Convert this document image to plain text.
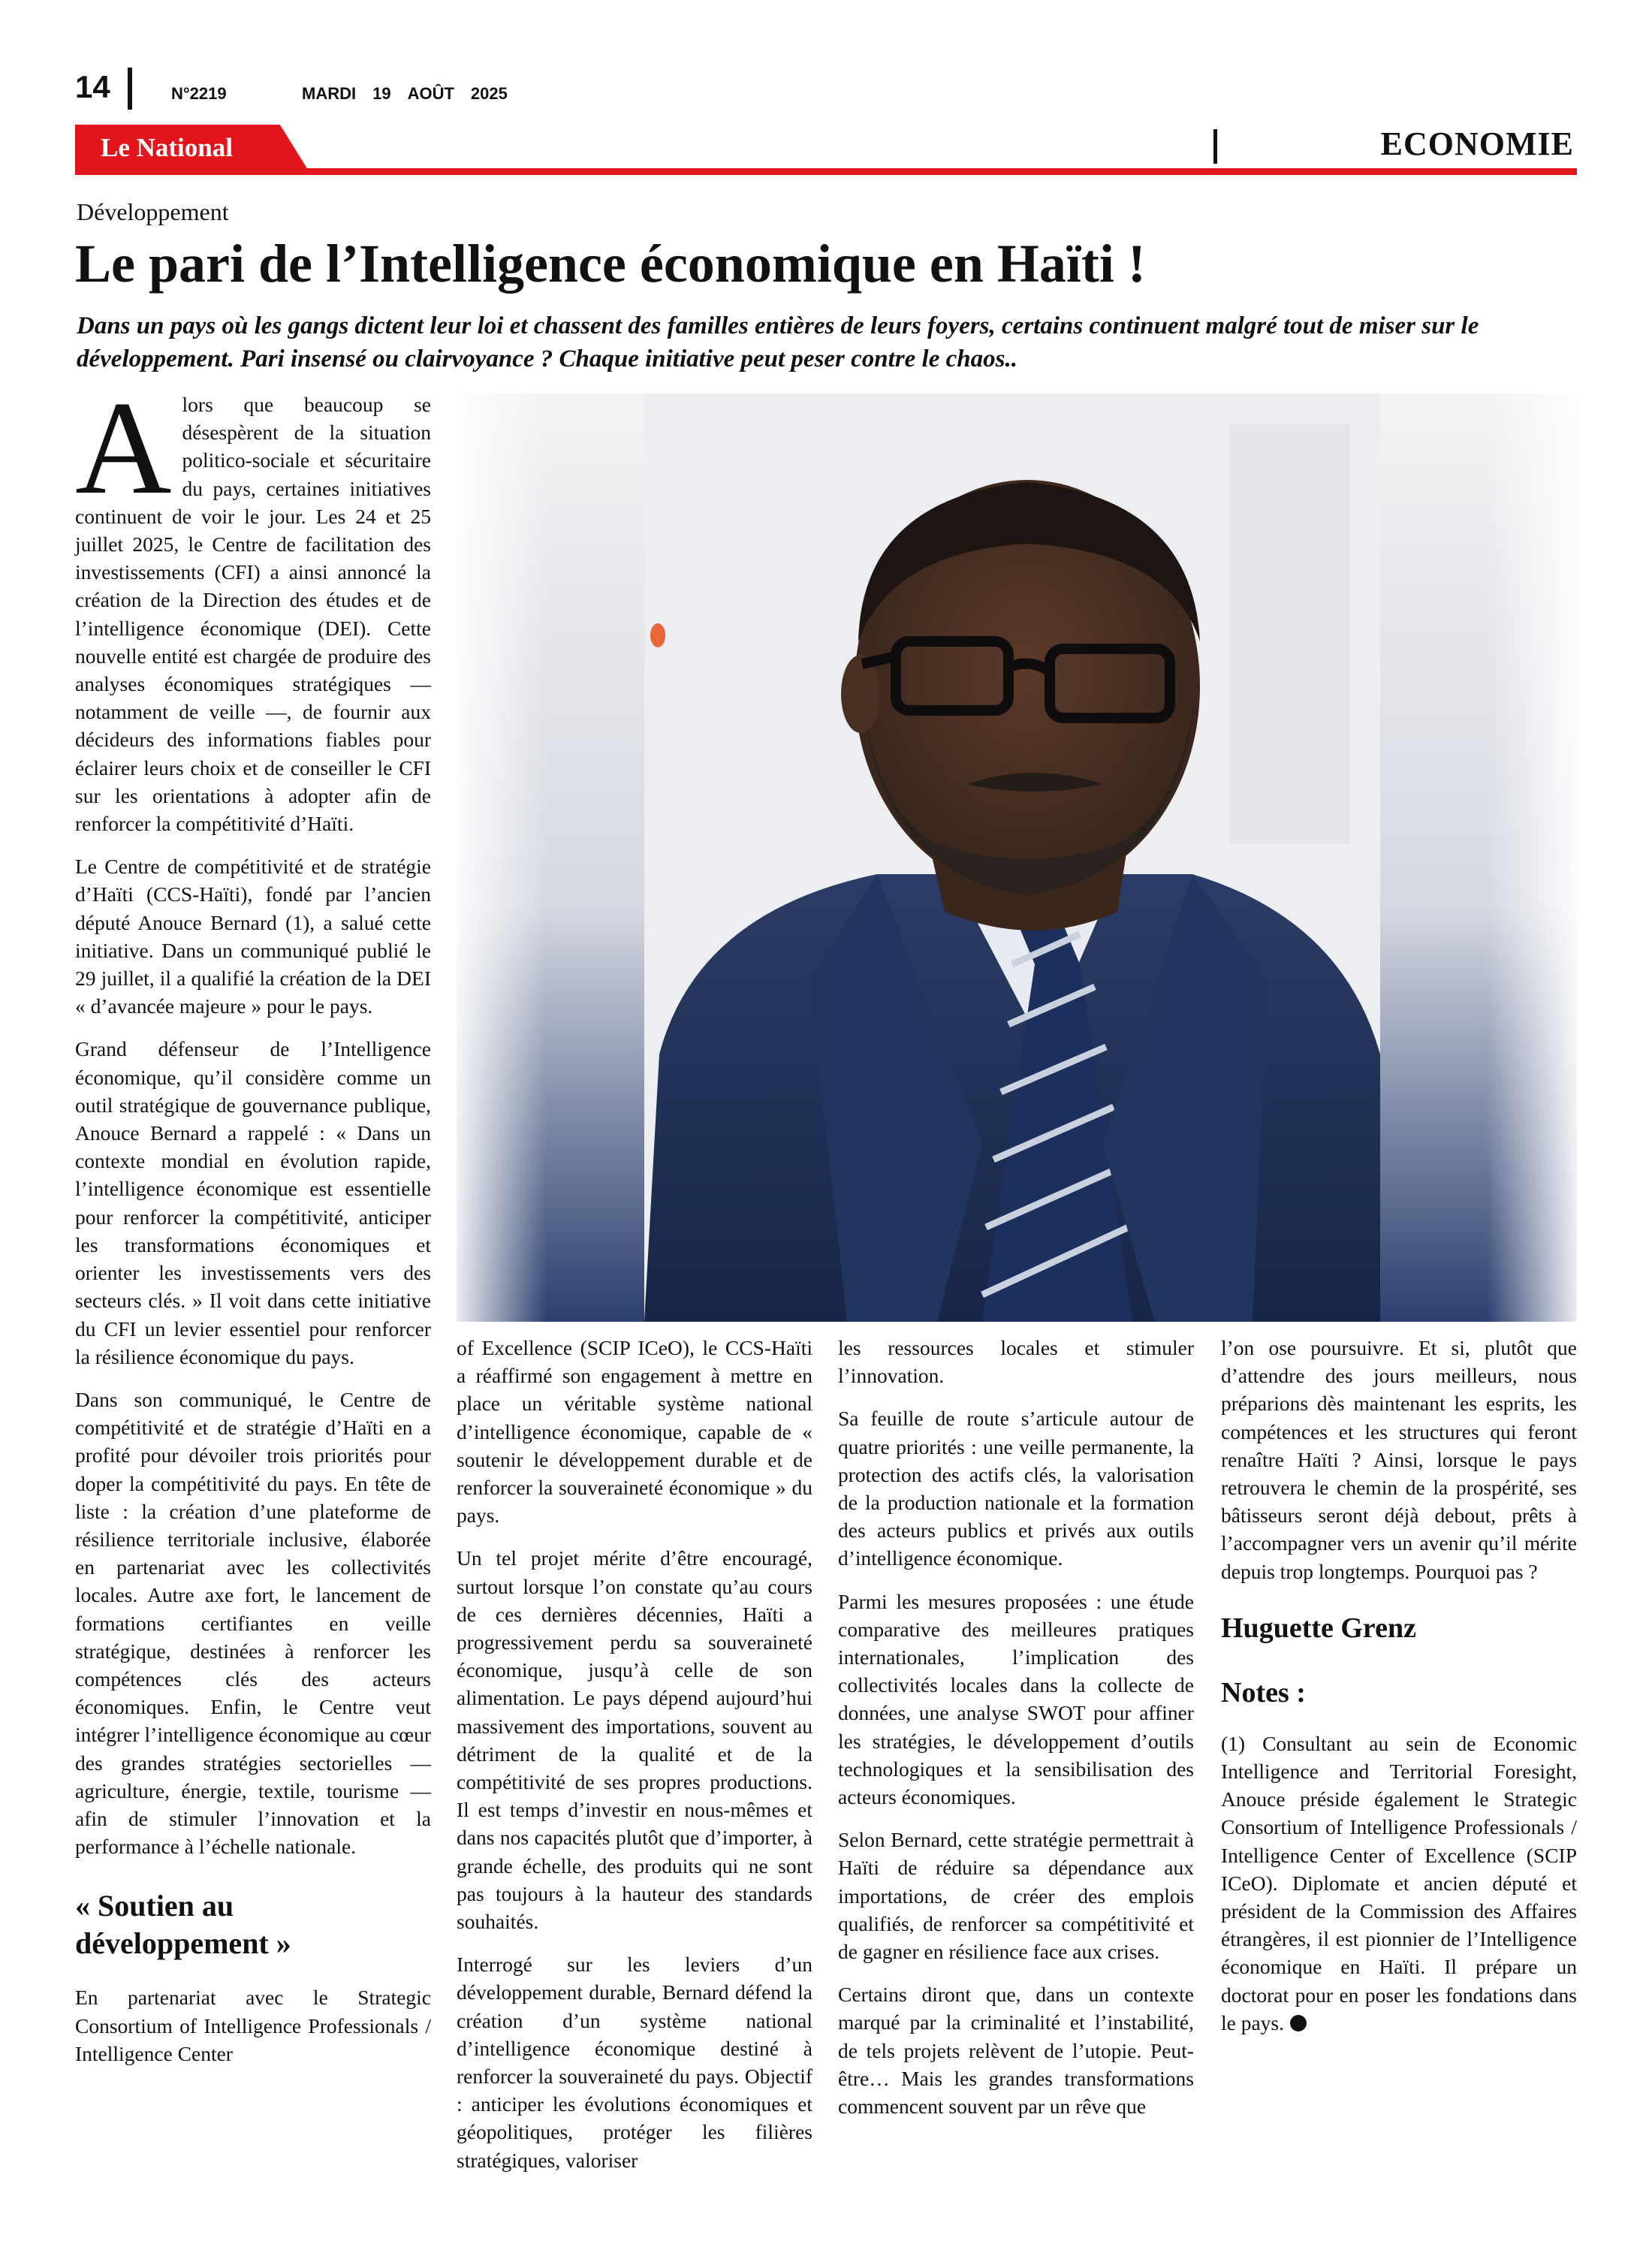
14	N°2219	MARDI 19 AOÛT 2025
Le National	ECONOMIE
Développement
Le pari de l’Intelligence économique en Haïti !

Dans un pays où les gangs dictent leur loi et chassent des familles entières de leurs foyers, certains continuent malgré tout de miser sur le développement. Pari insensé ou clairvoyance ? Chaque initiative peut peser contre le chaos..

Alors que beaucoup se désespèrent de la situation politico-sociale et sécuritaire du pays, certaines initiatives continuent de voir le jour. Les 24 et 25 juillet 2025, le Centre de facilitation des investissements (CFI) a ainsi annoncé la création de la Direction des études et de l’intelligence économique (DEI). Cette nouvelle entité est chargée de produire des analyses économiques stratégiques — notamment de veille —, de fournir aux décideurs des informations fiables pour éclairer leurs choix et de conseiller le CFI sur les orientations à adopter afin de renforcer la compétitivité d’Haïti.

Le Centre de compétitivité et de stratégie d’Haïti (CCS-Haïti), fondé par l’ancien député Anouce Bernard (1), a salué cette initiative. Dans un communiqué publié le 29 juillet, il a qualifié la création de la DEI « d’avancée majeure » pour le pays.

Grand défenseur de l’Intelligence économique, qu’il considère comme un outil stratégique de gouvernance publique, Anouce Bernard a rappelé : « Dans un contexte mondial en évolution rapide, l’intelligence économique est essentielle pour renforcer la compétitivité, anticiper les transformations économiques et orienter les investissements vers des secteurs clés. » Il voit dans cette initiative du CFI un levier essentiel pour renforcer la résilience économique du pays.

Dans son communiqué, le Centre de compétitivité et de stratégie d’Haïti en a profité pour dévoiler trois priorités pour doper la compétitivité du pays. En tête de liste : la création d’une plateforme de résilience territoriale inclusive, élaborée en partenariat avec les collectivités locales. Autre axe fort, le lancement de formations certifiantes en veille stratégique, destinées à renforcer les compétences clés des acteurs économiques. Enfin, le Centre veut intégrer l’intelligence économique au cœur des grandes stratégies sectorielles — agriculture, énergie, textile, tourisme — afin de stimuler l’innovation et la performance à l’échelle nationale.

« Soutien au développement »

En partenariat avec le Strategic Consortium of Intelligence Professionals / Intelligence Center

of Excellence (SCIP ICeO), le CCS-Haïti a réaffirmé son engagement à mettre en place un véritable système national d’intelligence économique, capable de « soutenir le développement durable et de renforcer la souveraineté économique » du pays.

Un tel projet mérite d’être encouragé, surtout lorsque l’on constate qu’au cours de ces dernières décennies, Haïti a progressivement perdu sa souveraineté économique, jusqu’à celle de son alimentation. Le pays dépend aujourd’hui massivement des importations, souvent au détriment de la qualité et de la compétitivité de ses propres productions. Il est temps d’investir en nous-mêmes et dans nos capacités plutôt que d’importer, à grande échelle, des produits qui ne sont pas toujours à la hauteur des standards souhaités.

Interrogé sur les leviers d’un développement durable, Bernard défend la création d’un système national d’intelligence économique destiné à renforcer la souveraineté du pays. Objectif : anticiper les évolutions économiques et géopolitiques, protéger les filières stratégiques, valoriser

les ressources locales et stimuler l’innovation.

Sa feuille de route s’articule autour de quatre priorités : une veille permanente, la protection des actifs clés, la valorisation de la production nationale et la formation des acteurs publics et privés aux outils d’intelligence économique.

Parmi les mesures proposées : une étude comparative des meilleures pratiques internationales, l’implication des collectivités locales dans la collecte de données, une analyse SWOT pour affiner les stratégies, le développement d’outils technologiques et la sensibilisation des acteurs économiques.

Selon Bernard, cette stratégie permettrait à Haïti de réduire sa dépendance aux importations, de créer des emplois qualifiés, de renforcer sa compétitivité et de gagner en résilience face aux crises.

Certains diront que, dans un contexte marqué par la criminalité et l’instabilité, de tels projets relèvent de l’utopie. Peut-être… Mais les grandes transformations commencent souvent par un rêve que

l’on ose poursuivre. Et si, plutôt que d’attendre des jours meilleurs, nous préparions dès maintenant les esprits, les compétences et les structures qui feront renaître Haïti ? Ainsi, lorsque le pays retrouvera le chemin de la prospérité, ses bâtisseurs seront déjà debout, prêts à l’accompagner vers un avenir qu’il mérite depuis trop longtemps. Pourquoi pas ?

Huguette Grenz
Notes :

(1) Consultant au sein de Economic Intelligence and Territorial Foresight, Anouce préside également le Strategic Consortium of Intelligence Professionals / Intelligence Center of Excellence (SCIP ICeO). Diplomate et ancien député et président de la Commission des Affaires étrangères, il est pionnier de l’Intelligence économique en Haïti. Il prépare un doctorat pour en poser les fondations dans le pays.
